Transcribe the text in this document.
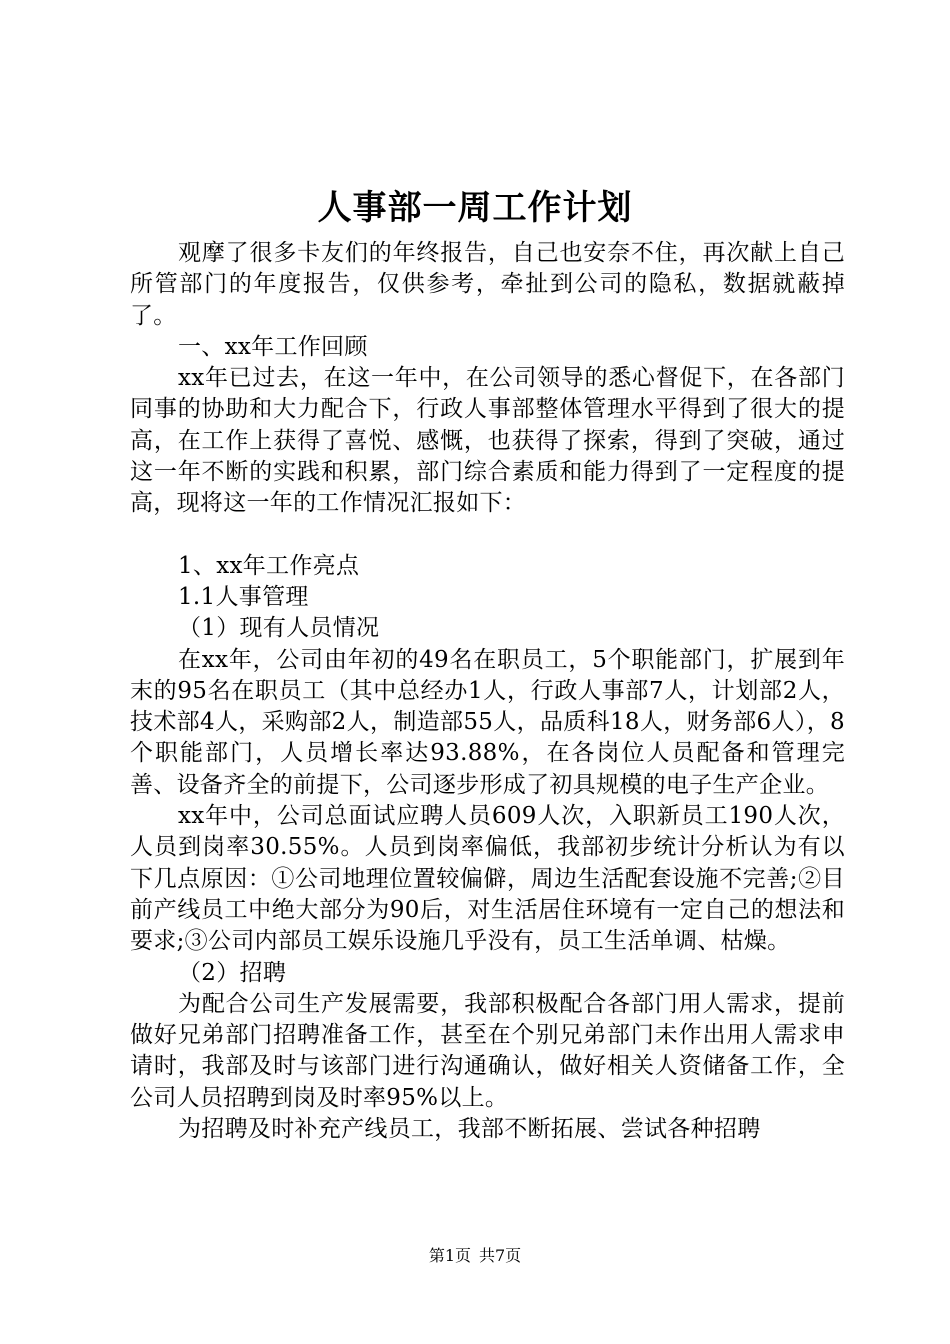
人事部一周工作计划

观摩了很多卡友们的年终报告，自己也安奈不住，再次献上自己所管部门的年度报告，仅供参考，牵扯到公司的隐私，数据就蔽掉了。

一、xx年工作回顾

xx年已过去，在这一年中，在公司领导的悉心督促下，在各部门同事的协助和大力配合下，行政人事部整体管理水平得到了很大的提高，在工作上获得了喜悦、感慨，也获得了探索，得到了突破，通过这一年不断的实践和积累，部门综合素质和能力得到了一定程度的提高，现将这一年的工作情况汇报如下：

1、xx年工作亮点

1.1人事管理

（1）现有人员情况

在xx年，公司由年初的49名在职员工，5个职能部门，扩展到年末的95名在职员工（其中总经办1人，行政人事部7人，计划部2人，技术部4人，采购部2人，制造部55人，品质科18人，财务部6人），8个职能部门，人员增长率达93.88%，在各岗位人员配备和管理完善、设备齐全的前提下，公司逐步形成了初具规模的电子生产企业。

xx年中，公司总面试应聘人员609人次，入职新员工190人次，人员到岗率30.55%。人员到岗率偏低，我部初步统计分析认为有以下几点原因：①公司地理位置较偏僻，周边生活配套设施不完善;②目前产线员工中绝大部分为90后，对生活居住环境有一定自己的想法和要求;③公司内部员工娱乐设施几乎没有，员工生活单调、枯燥。

（2）招聘

为配合公司生产发展需要，我部积极配合各部门用人需求，提前做好兄弟部门招聘准备工作，甚至在个别兄弟部门未作出用人需求申请时，我部及时与该部门进行沟通确认，做好相关人资储备工作，全公司人员招聘到岗及时率95%以上。

为招聘及时补充产线员工，我部不断拓展、尝试各种招聘

第1页 共7页
